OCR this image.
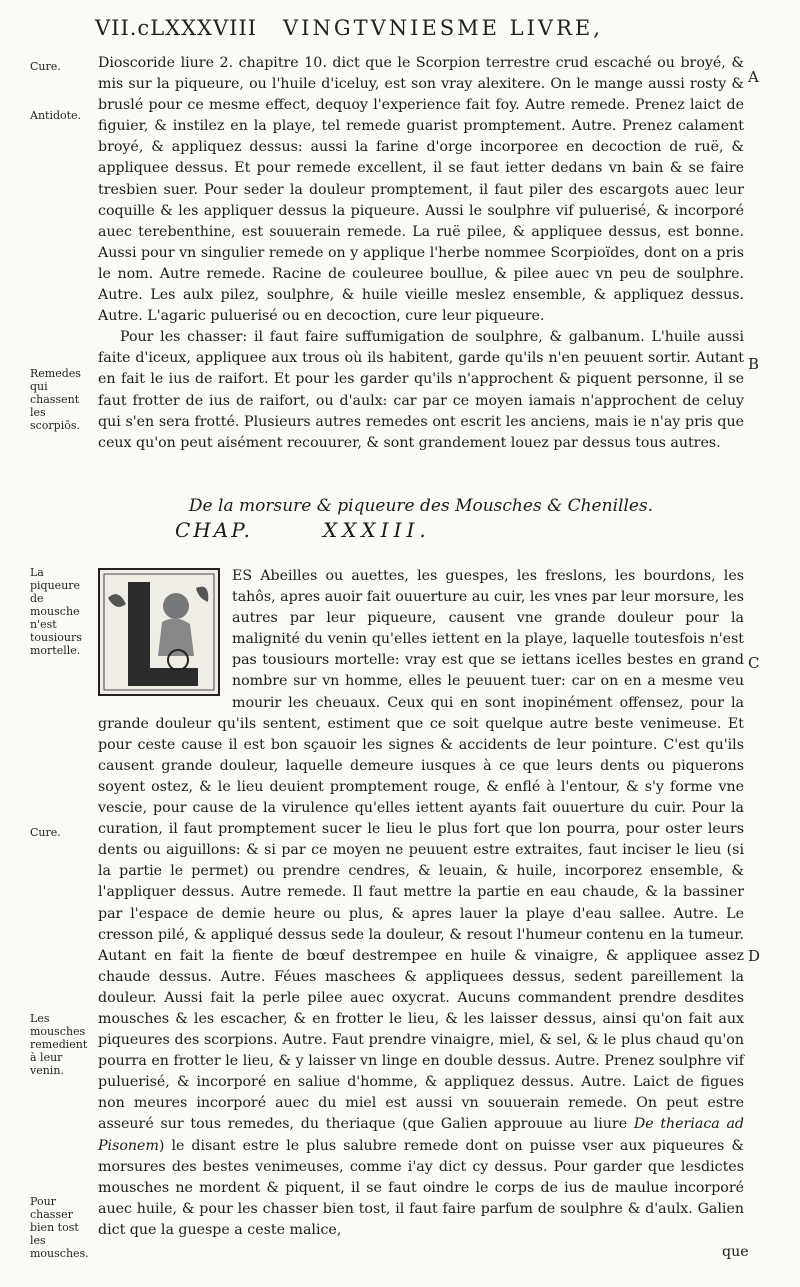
VII.cLXXXVIII VINGTVNIESME LIVRE,

Dioscoride liure 2. chapitre 10. dict que le Scorpion terrestre crud escaché ou broyé, & mis sur la piqueure, ou l'huile d'iceluy, est son vray alexitere. On le mange aussi rosty & bruslé pour ce mesme effect, dequoy l'experience fait foy. Autre remede. Prenez laict de figuier, & instilez en la playe, tel remede guarist promptement. Autre. Prenez calament broyé, & appliquez dessus: aussi la farine d'orge incorporee en decoction de ruë, & appliquee dessus. Et pour remede excellent, il se faut ietter dedans vn bain & se faire tresbien suer. Pour seder la douleur promptement, il faut piler des escargots auec leur coquille & les appliquer dessus la piqueure. Aussi le soulphre vif puluerisé, & incorporé auec terebenthine, est souuerain remede. La ruë pilee, & appliquee dessus, est bonne. Aussi pour vn singulier remede on y applique l'herbe nommee Scorpioïdes, dont on a pris le nom. Autre remede. Racine de couleuree boullue, & pilee auec vn peu de soulphre. Autre. Les aulx pilez, soulphre, & huile vieille meslez ensemble, & appliquez dessus. Autre. L'agaric puluerisé ou en decoction, cure leur piqueure.

Pour les chasser: il faut faire suffumigation de soulphre, & galbanum. L'huile aussi faite d'iceux, appliquee aux trous où ils habitent, garde qu'ils n'en peuuent sortir. Autant en fait le ius de raifort. Et pour les garder qu'ils n'approchent & piquent personne, il se faut frotter de ius de raifort, ou d'aulx: car par ce moyen iamais n'approchent de celuy qui s'en sera frotté. Plusieurs autres remedes ont escrit les anciens, mais ie n'ay pris que ceux qu'on peut aisément recouurer, & sont grandement louez par dessus tous autres.

De la morsure & piqueure des Mousches & Chenilles.
CHAP.	XXXIII.

ES Abeilles ou auettes, les guespes, les freslons, les bourdons, les tahôs, apres auoir fait ouuerture au cuir, les vnes par leur morsure, les autres par leur piqueure, causent vne grande douleur pour la malignité du venin qu'elles iettent en la playe, laquelle toutesfois n'est pas tousiours mortelle: vray est que se iettans icelles bestes en grand nombre sur vn homme, elles le peuuent tuer: car on en a mesme veu mourir les cheuaux. Ceux qui en sont inopinément offensez, pour la grande douleur qu'ils sentent, estiment que ce soit quelque autre beste venimeuse. Et pour ceste cause il est bon sçauoir les signes & accidents de leur pointure. C'est qu'ils causent grande douleur, laquelle demeure iusques à ce que leurs dents ou piquerons soyent ostez, & le lieu deuient promptement rouge, & enflé à l'entour, & s'y forme vne vescie, pour cause de la virulence qu'elles iettent ayants fait ouuerture du cuir. Pour la curation, il faut promptement sucer le lieu le plus fort que lon pourra, pour oster leurs dents ou aiguillons: & si par ce moyen ne peuuent estre extraites, faut inciser le lieu (si la partie le permet) ou prendre cendres, & leuain, & huile, incorporez ensemble, & l'appliquer dessus. Autre remede. Il faut mettre la partie en eau chaude, & la bassiner par l'espace de demie heure ou plus, & apres lauer la playe d'eau sallee. Autre. Le cresson pilé, & appliqué dessus sede la douleur, & resout l'humeur contenu en la tumeur. Autant en fait la fiente de bœuf destrempee en huile & vinaigre, & appliquee assez chaude dessus. Autre. Féues maschees & appliquees dessus, sedent pareillement la douleur. Aussi fait la perle pilee auec oxycrat. Aucuns commandent prendre desdites mousches & les escacher, & en frotter le lieu, & les laisser dessus, ainsi qu'on fait aux piqueures des scorpions. Autre. Faut prendre vinaigre, miel, & sel, & le plus chaud qu'on pourra en frotter le lieu, & y laisser vn linge en double dessus. Autre. Prenez soulphre vif puluerisé, & incorporé en saliue d'homme, & appliquez dessus. Autre. Laict de figues non meures incorporé auec du miel est aussi vn souuerain remede. On peut estre asseuré sur tous remedes, du theriaque (que Galien approuue au liure De theriaca ad Pisonem) le disant estre le plus salubre remede dont on puisse vser aux piqueures & morsures des bestes venimeuses, comme i'ay dict cy dessus. Pour garder que lesdictes mousches ne mordent & piquent, il se faut oindre le corps de ius de maulue incorporé auec huile, & pour les chasser bien tost, il faut faire parfum de soulphre & d'aulx. Galien dict que la guespe a ceste malice,

que
Cure.
Antidote.
Remedes qui chassent les scorpiōs.
La piqueure de mousche n'est tousiours mortelle.
Cure.
Les mousches remedient à leur venin.
Pour chasser bien tost les mousches.
A
B
C
D
